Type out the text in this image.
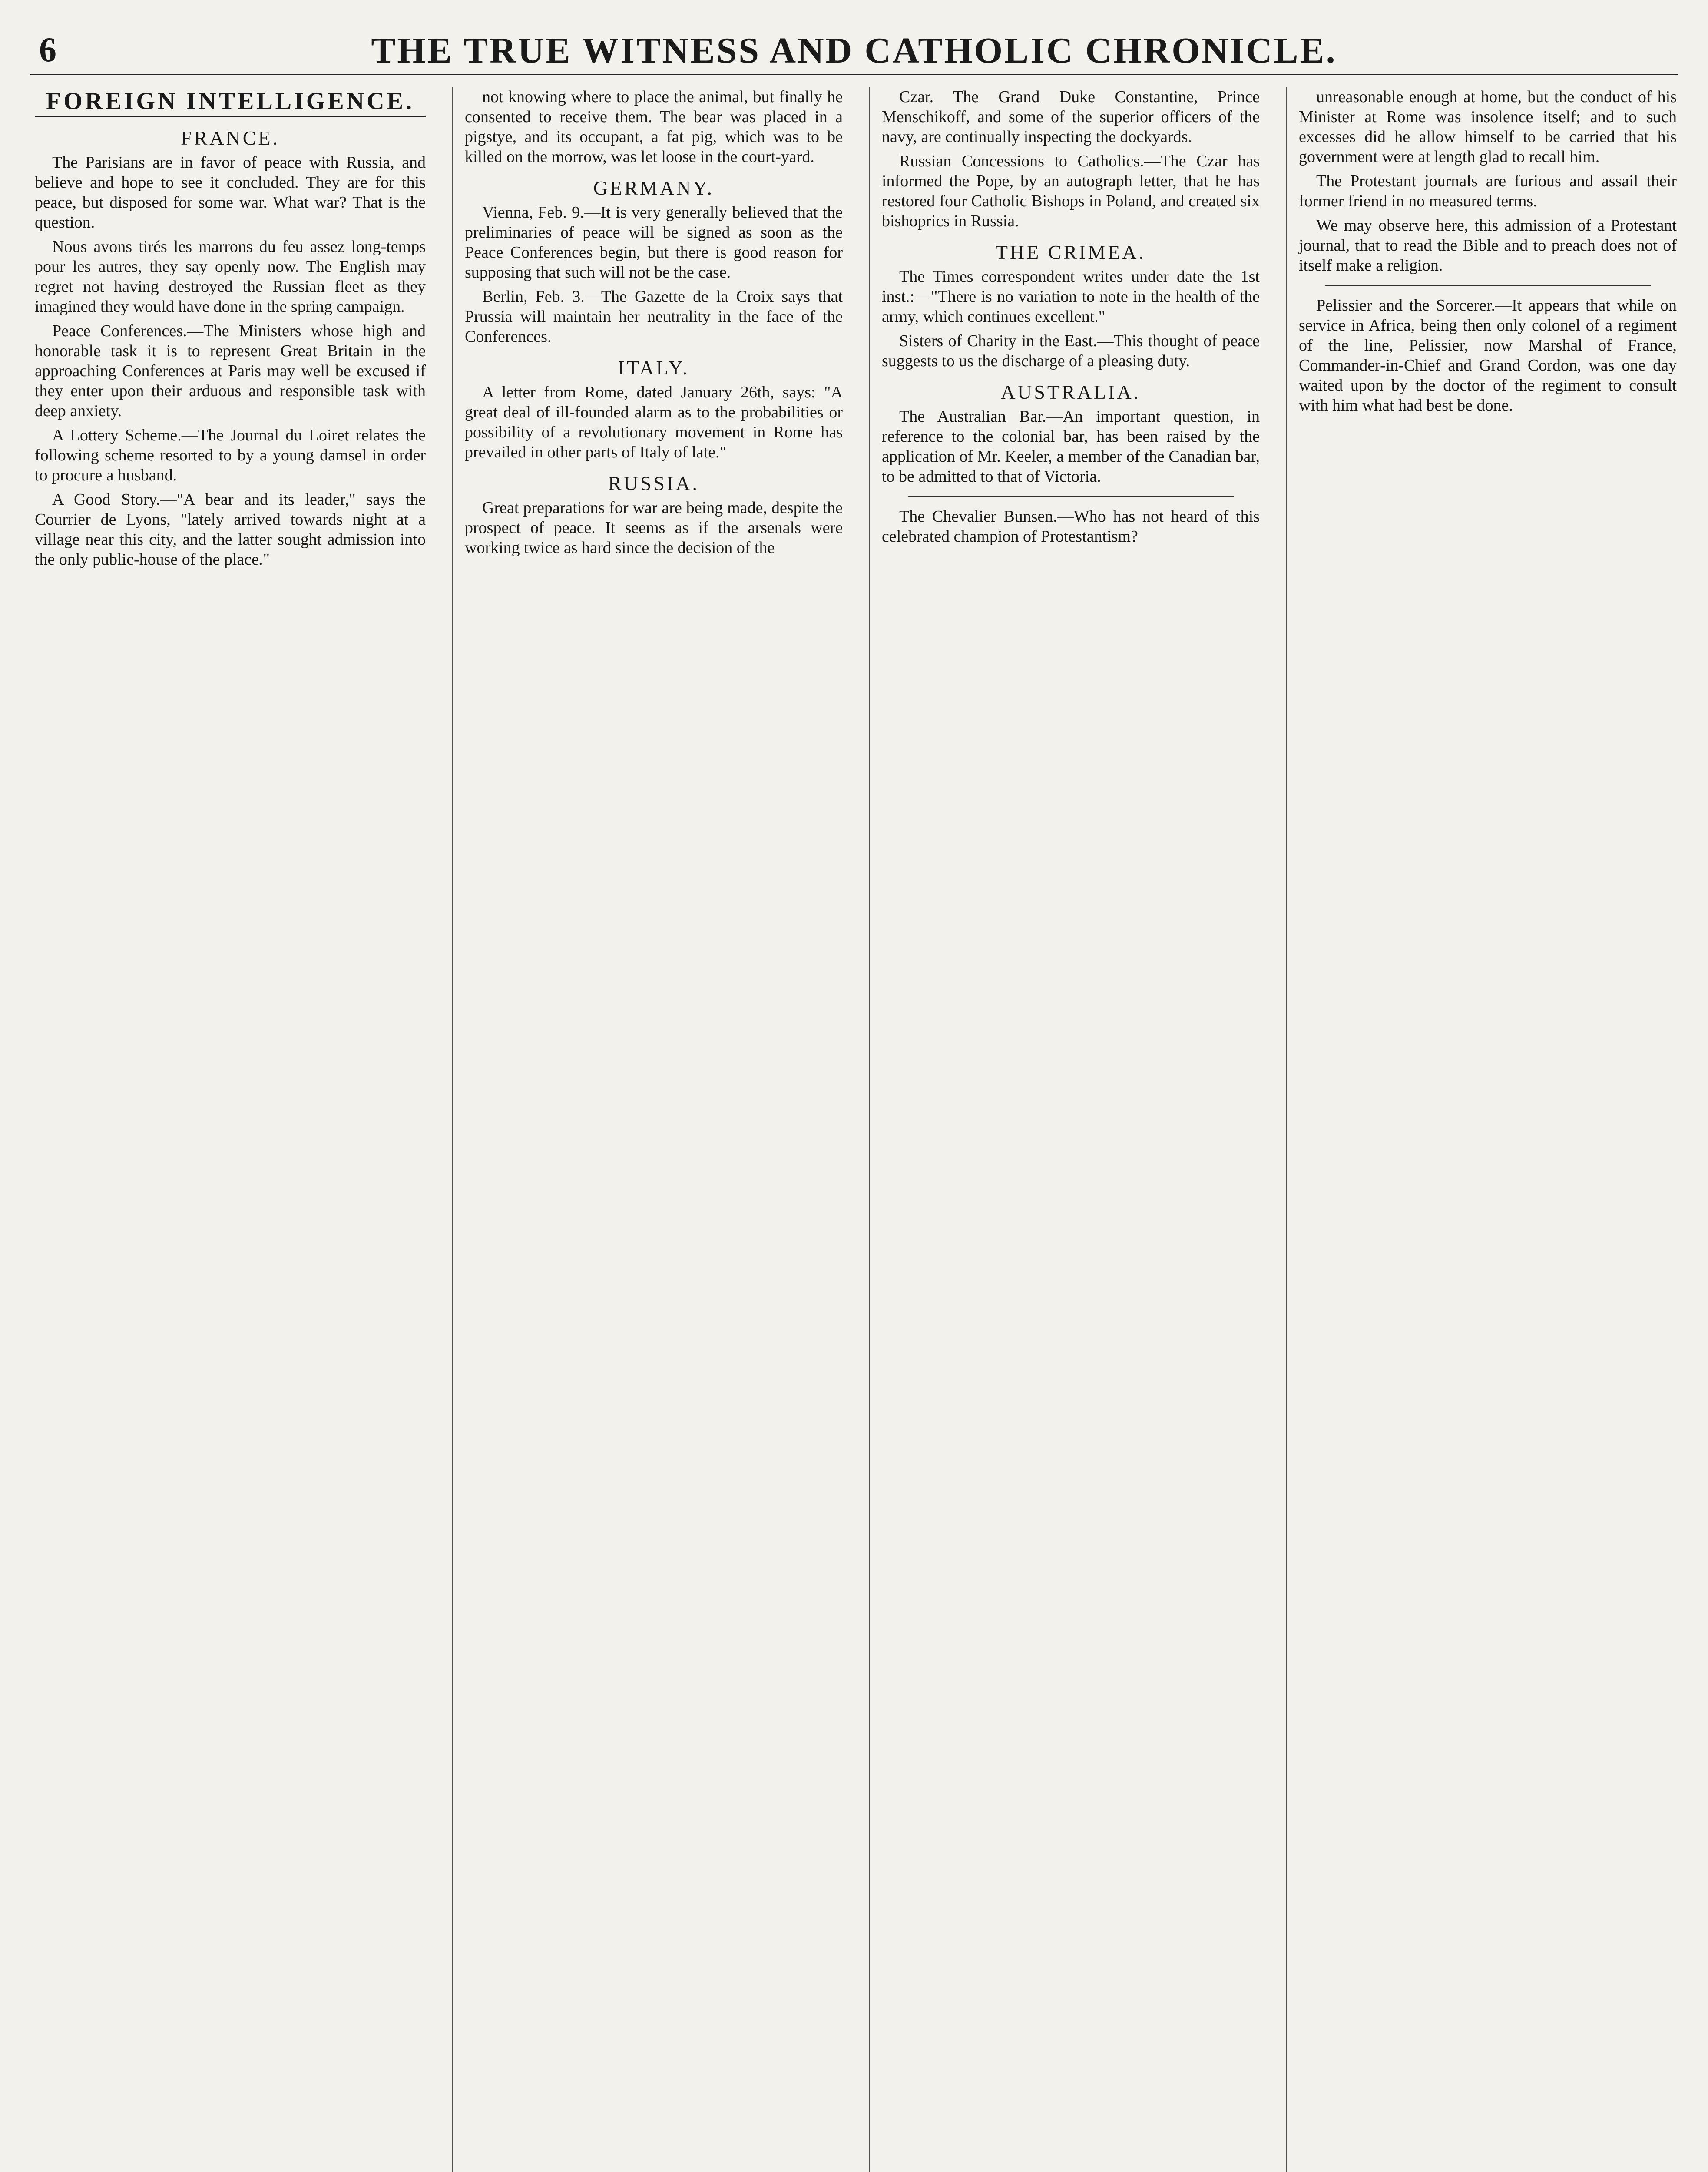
6	THE TRUE WITNESS AND CATHOLIC CHRONICLE.
FOREIGN INTELLIGENCE.
FRANCE.

The Parisians are in favor of peace with Russia, and believe and hope to see it concluded. They are for this peace, but disposed for some war. What war? That is the question.

Nous avons tirés les marrons du feu assez long-temps pour les autres, they say openly now. The English may regret not having destroyed the Russian fleet as they imagined they would have done in the spring campaign.

Peace Conferences.—The Ministers whose high and honorable task it is to represent Great Britain in the approaching Conferences at Paris may well be excused if they enter upon their arduous and responsible task with deep anxiety.

A Lottery Scheme.—The Journal du Loiret relates the following scheme resorted to by a young damsel in order to procure a husband.

A Good Story.—"A bear and its leader," says the Courrier de Lyons, "lately arrived towards night at a village near this city, and the latter sought admission into the only public-house of the place."

not knowing where to place the animal, but finally he consented to receive them. The bear was placed in a pigstye, and its occupant, a fat pig, which was to be killed on the morrow, was let loose in the court-yard.

GERMANY.

Vienna, Feb. 9.—It is very generally believed that the preliminaries of peace will be signed as soon as the Peace Conferences begin, but there is good reason for supposing that such will not be the case.

Berlin, Feb. 3.—The Gazette de la Croix says that Prussia will maintain her neutrality in the face of the Conferences.

ITALY.

A letter from Rome, dated January 26th, says: "A great deal of ill-founded alarm as to the probabilities or possibility of a revolutionary movement in Rome has prevailed in other parts of Italy of late."

RUSSIA.

Great preparations for war are being made, despite the prospect of peace. It seems as if the arsenals were working twice as hard since the decision of the

Czar. The Grand Duke Constantine, Prince Menschikoff, and some of the superior officers of the navy, are continually inspecting the dockyards.

Russian Concessions to Catholics.—The Czar has informed the Pope, by an autograph letter, that he has restored four Catholic Bishops in Poland, and created six bishoprics in Russia.

THE CRIMEA.

The Times correspondent writes under date the 1st inst.:—"There is no variation to note in the health of the army, which continues excellent."

Sisters of Charity in the East.—This thought of peace suggests to us the discharge of a pleasing duty.

AUSTRALIA.

The Australian Bar.—An important question, in reference to the colonial bar, has been raised by the application of Mr. Keeler, a member of the Canadian bar, to be admitted to that of Victoria.

The Chevalier Bunsen.—Who has not heard of this celebrated champion of Protestantism?

unreasonable enough at home, but the conduct of his Minister at Rome was insolence itself; and to such excesses did he allow himself to be carried that his government were at length glad to recall him.

The Protestant journals are furious and assail their former friend in no measured terms.

We may observe here, this admission of a Protestant journal, that to read the Bible and to preach does not of itself make a religion.

Pelissier and the Sorcerer.—It appears that while on service in Africa, being then only colonel of a regiment of the line, Pelissier, now Marshal of France, Commander-in-Chief and Grand Cordon, was one day waited upon by the doctor of the regiment to consult with him what had best be done.
